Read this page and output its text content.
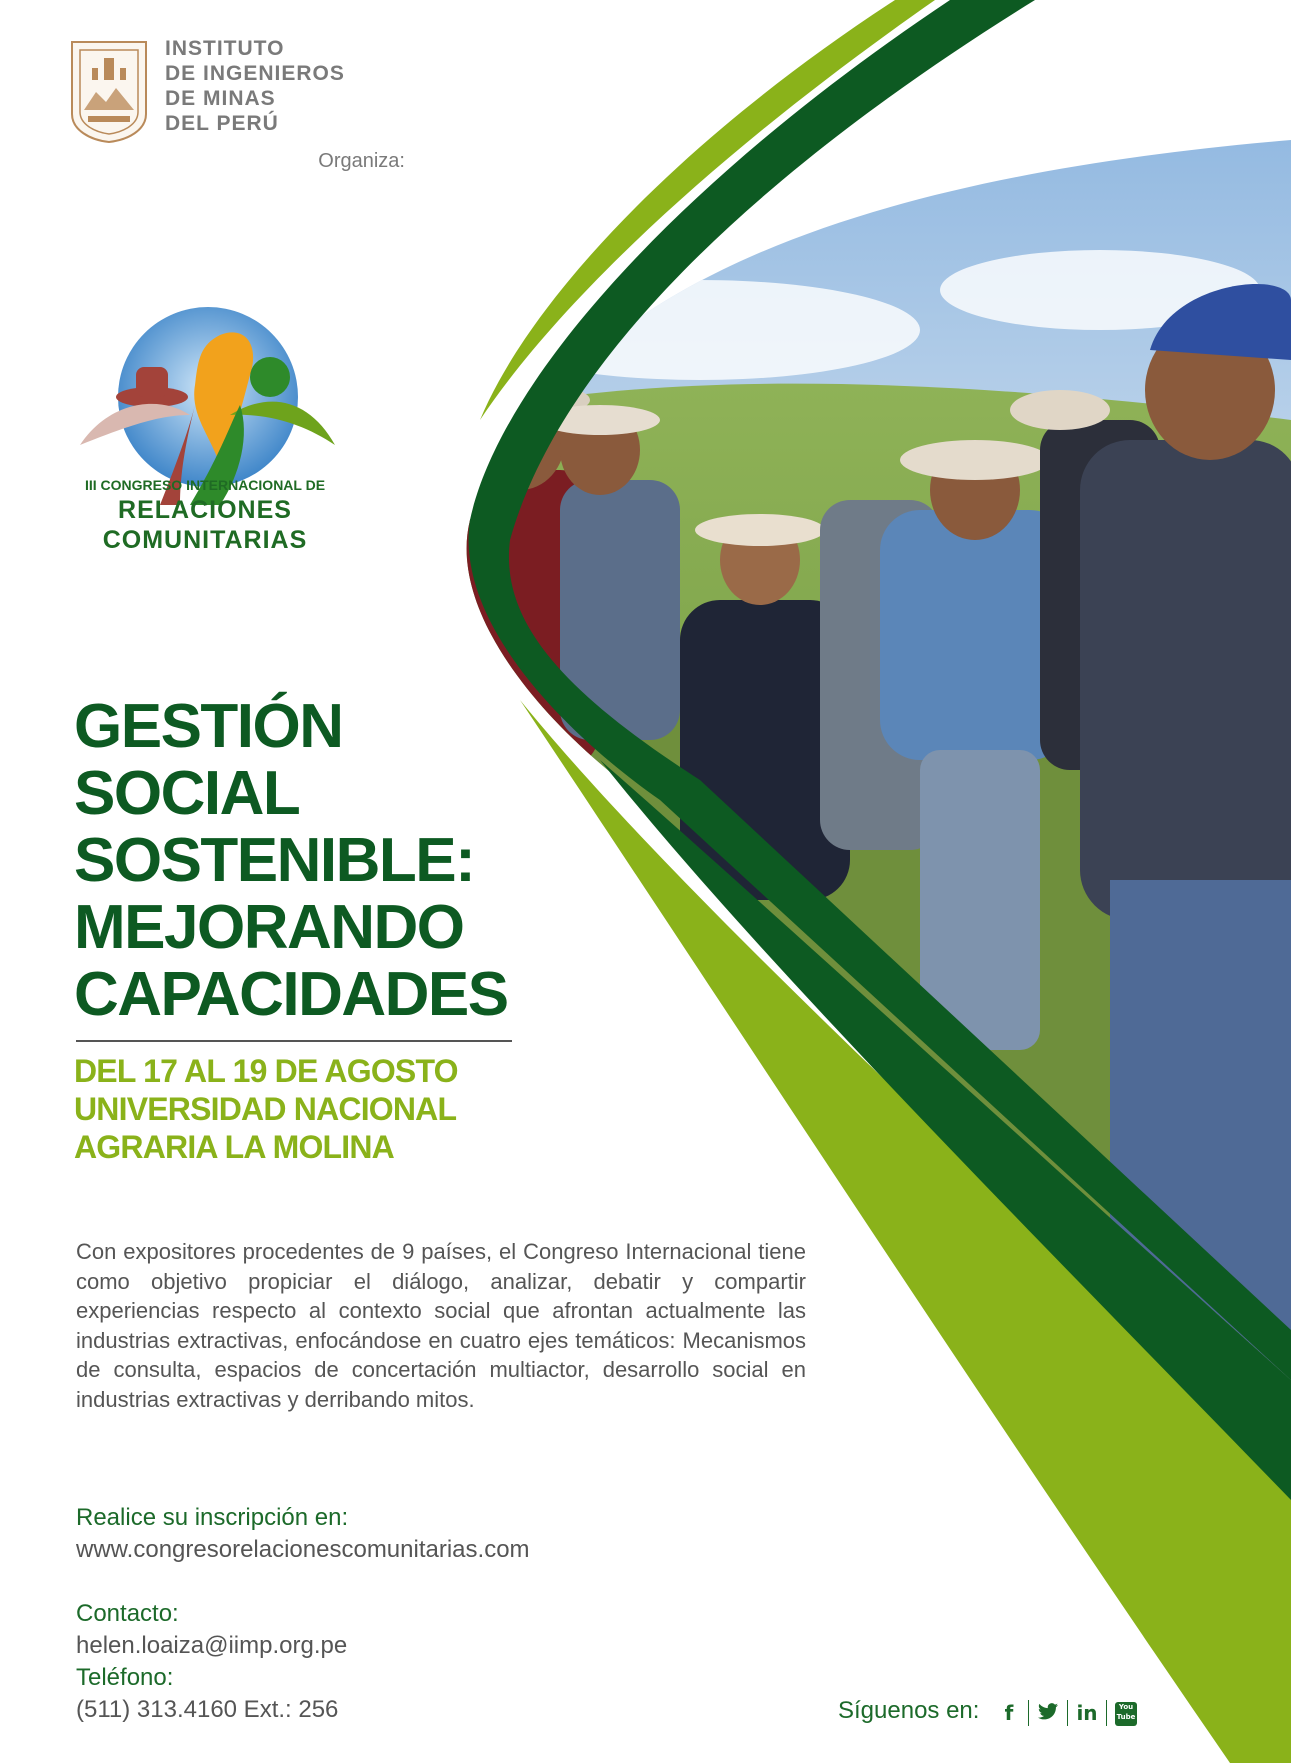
INSTITUTO
DE INGENIEROS
DE MINAS
DEL PERÚ
Organiza:
III CONGRESO INTERNACIONAL DE
RELACIONES
COMUNITARIAS
GESTIÓN
SOCIAL
SOSTENIBLE:
MEJORANDO
CAPACIDADES
DEL 17 AL 19 DE AGOSTO
UNIVERSIDAD NACIONAL
AGRARIA LA MOLINA
Con expositores procedentes de 9 países, el Congreso Internacional tiene como objetivo propiciar el diálogo, analizar, debatir y compartir experiencias respecto al contexto social que afrontan actualmente las industrias extractivas, enfocándose en cuatro ejes temáticos: Mecanismos de consulta, espacios de concertación multiactor, desarrollo social en industrias extractivas y derribando mitos.
Realice su inscripción en:
www.congresorelacionescomunitarias.com
Contacto:
helen.loaiza@iimp.org.pe
Teléfono:
(511) 313.4160 Ext.: 256	Síguenos en:	f	in	You Tube
